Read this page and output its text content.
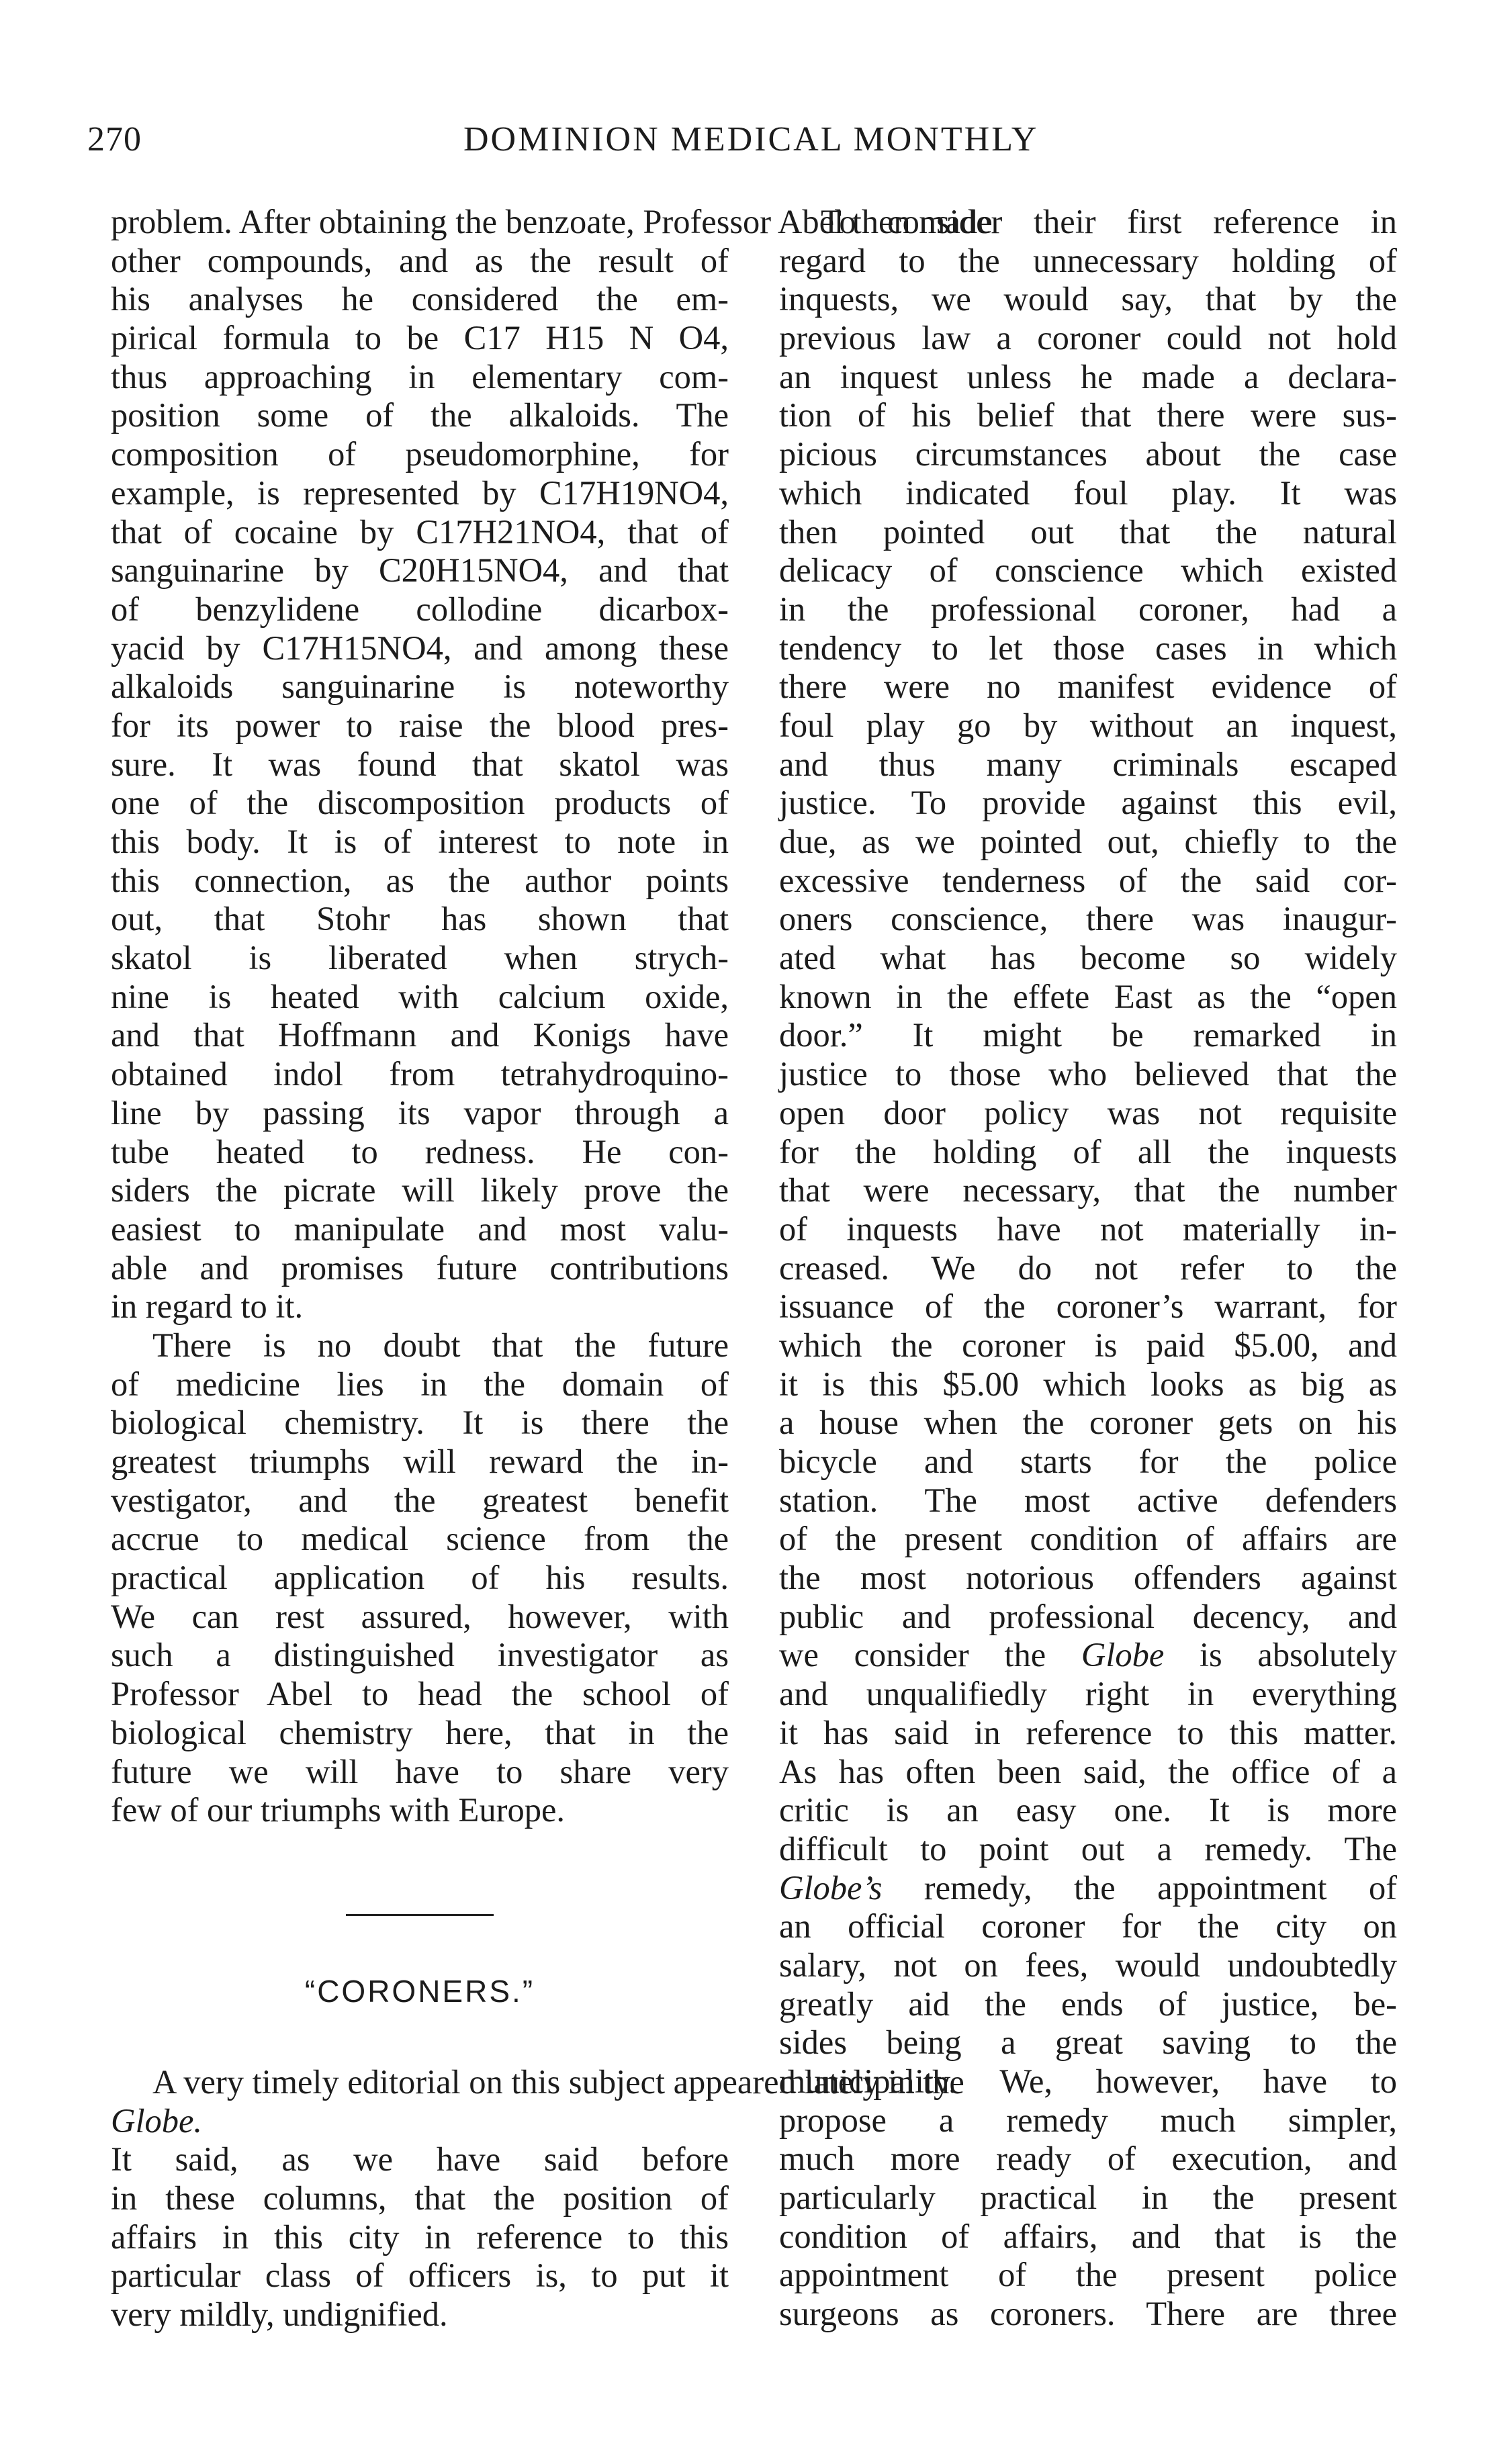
270	DOMINION MEDICAL MONTHLY
problem. After obtaining the benzoate, Professor Abel then made
other compounds, and as the result of
his analyses he considered the em-
pirical formula to be C17 H15 N O4,
thus approaching in elementary com-
position some of the alkaloids. The
composition of pseudomorphine, for
example, is represented by C17H19NO4,
that of cocaine by C17H21NO4, that of
sanguinarine by C20H15NO4, and that
of benzylidene collodine dicarbox-
yacid by C17H15NO4, and among these
alkaloids sanguinarine is noteworthy
for its power to raise the blood pres-
sure. It was found that skatol was
one of the discomposition products of
this body. It is of interest to note in
this connection, as the author points
out, that Stohr has shown that
skatol is liberated when strych-
nine is heated with calcium oxide,
and that Hoffmann and Konigs have
obtained indol from tetrahydroquino-
line by passing its vapor through a
tube heated to redness. He con-
siders the picrate will likely prove the
easiest to manipulate and most valu-
able and promises future contributions
in regard to it.
There is no doubt that the future
of medicine lies in the domain of
biological chemistry. It is there the
greatest triumphs will reward the in-
vestigator, and the greatest benefit
accrue to medical science from the
practical application of his results.
We can rest assured, however, with
such a distinguished investigator as
Professor Abel to head the school of
biological chemistry here, that in the
future we will have to share very
few of our triumphs with Europe.
“CORONERS.”
A very timely editorial on this subject appeared lately in the
Globe.
It said, as we have said before
in these columns, that the position of
affairs in this city in reference to this
particular class of officers is, to put it
very mildly, undignified.
To consider their first reference in
regard to the unnecessary holding of
inquests, we would say, that by the
previous law a coroner could not hold
an inquest unless he made a declara-
tion of his belief that there were sus-
picious circumstances about the case
which indicated foul play. It was
then pointed out that the natural
delicacy of conscience which existed
in the professional coroner, had a
tendency to let those cases in which
there were no manifest evidence of
foul play go by without an inquest,
and thus many criminals escaped
justice. To provide against this evil,
due, as we pointed out, chiefly to the
excessive tenderness of the said cor-
oners conscience, there was inaugur-
ated what has become so widely
known in the effete East as the “open
door.” It might be remarked in
justice to those who believed that the
open door policy was not requisite
for the holding of all the inquests
that were necessary, that the number
of inquests have not materially in-
creased. We do not refer to the
issuance of the coroner’s warrant, for
which the coroner is paid $5.00, and
it is this $5.00 which looks as big as
a house when the coroner gets on his
bicycle and starts for the police
station. The most active defenders
of the present condition of affairs are
the most notorious offenders against
public and professional decency, and
we consider the Globe is absolutely
and unqualifiedly right in everything
it has said in reference to this matter.
As has often been said, the office of a
critic is an easy one. It is more
difficult to point out a remedy. The
Globe’s remedy, the appointment of
an official coroner for the city on
salary, not on fees, would undoubtedly
greatly aid the ends of justice, be-
sides being a great saving to the
municipality. We, however, have to
propose a remedy much simpler,
much more ready of execution, and
particularly practical in the present
condition of affairs, and that is the
appointment of the present police
surgeons as coroners. There are three
